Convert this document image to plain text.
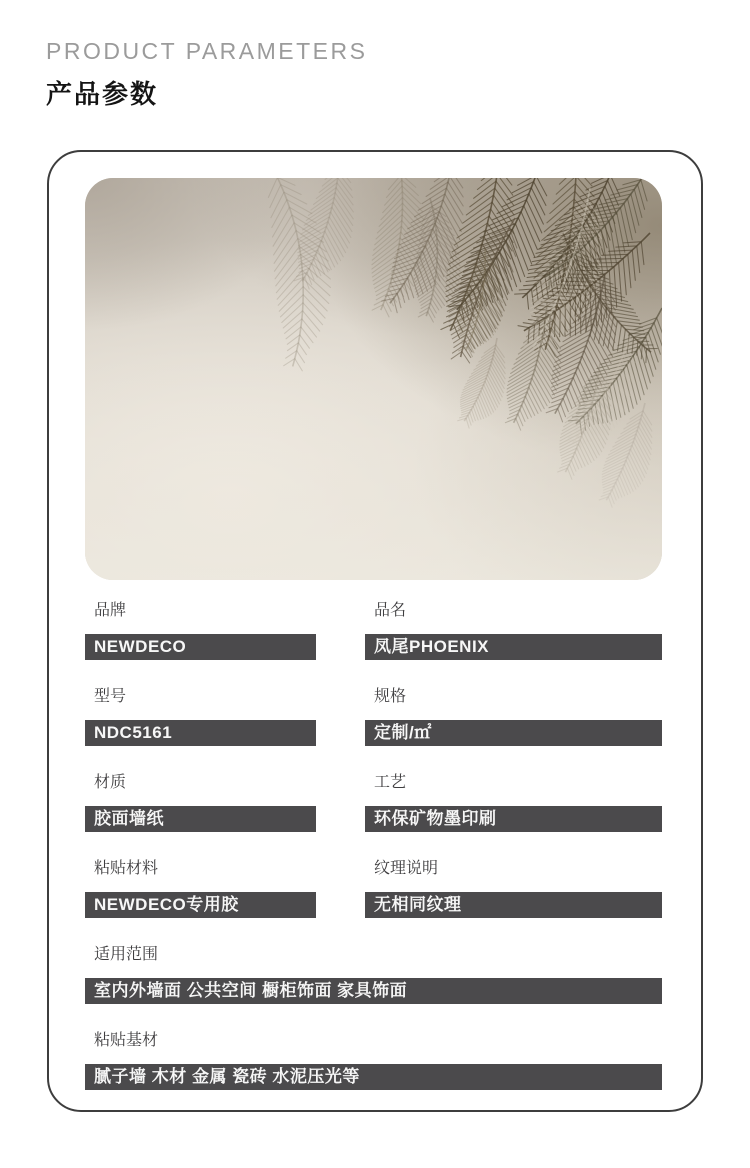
PRODUCT PARAMETERS
产品参数
品牌
NEWDECO
品名
凤尾PHOENIX
型号
NDC5161
规格
定制/㎡
材质
胶面墙纸
工艺
环保矿物墨印刷
粘贴材料
NEWDECO专用胶
纹理说明
无相同纹理
适用范围
室内外墙面 公共空间 橱柜饰面 家具饰面
粘贴基材
腻子墙 木材 金属 瓷砖 水泥压光等
